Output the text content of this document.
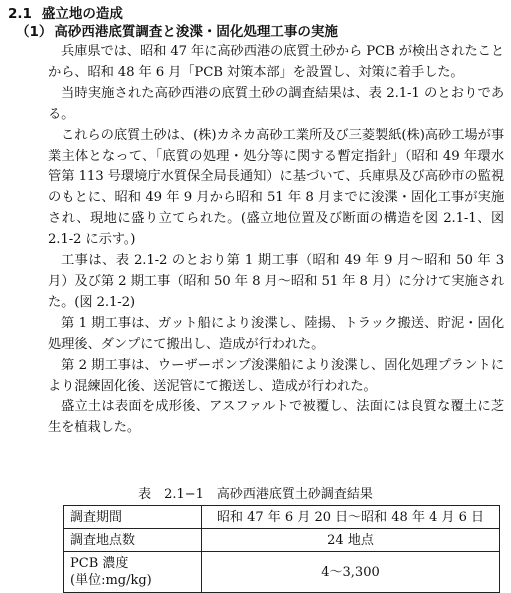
2.1 盛立地の造成
（1） 高砂西港底質調査と浚渫・固化処理工事の実施

兵庫県では、昭和 47 年に高砂西港の底質土砂から PCB が検出されたことから、昭和 48 年 6 月「PCB 対策本部」を設置し、対策に着手した。

当時実施された高砂西港の底質土砂の調査結果は、表 2.1-1 のとおりである。

これらの底質土砂は、(株)カネカ高砂工業所及び三菱製紙(株)高砂工場が事業主体となって、「底質の処理・処分等に関する暫定指針」（昭和 49 年環水管第 113 号環境庁水質保全局長通知）に基づいて、兵庫県及び高砂市の監視のもとに、昭和 49 年 9 月から昭和 51 年 8 月までに浚渫・固化工事が実施され、現地に盛り立てられた。(盛立地位置及び断面の構造を図 2.1-1、図 2.1-2 に示す。)

工事は、表 2.1-2 のとおり第 1 期工事（昭和 49 年 9 月〜昭和 50 年 3 月）及び第 2 期工事（昭和 50 年 8 月〜昭和 51 年 8 月）に分けて実施された。(図 2.1-2)

第 1 期工事は、ガット船により浚渫し、陸揚、トラック搬送、貯泥・固化処理後、ダンプにて搬出し、造成が行われた。

第 2 期工事は、ウーザーポンプ浚渫船により浚渫し、固化処理プラントにより混練固化後、送泥管にて搬送し、造成が行われた。

盛立土は表面を成形後、アスファルトで被覆し、法面には良質な覆土に芝生を植栽した。

表　2.1−1　高砂西港底質土砂調査結果
調査期間	昭和 47 年 6 月 20 日〜昭和 48 年 4 月 6 日
調査地点数	24 地点

PCB 濃度
(単位:mg/kg)	4〜3,300
